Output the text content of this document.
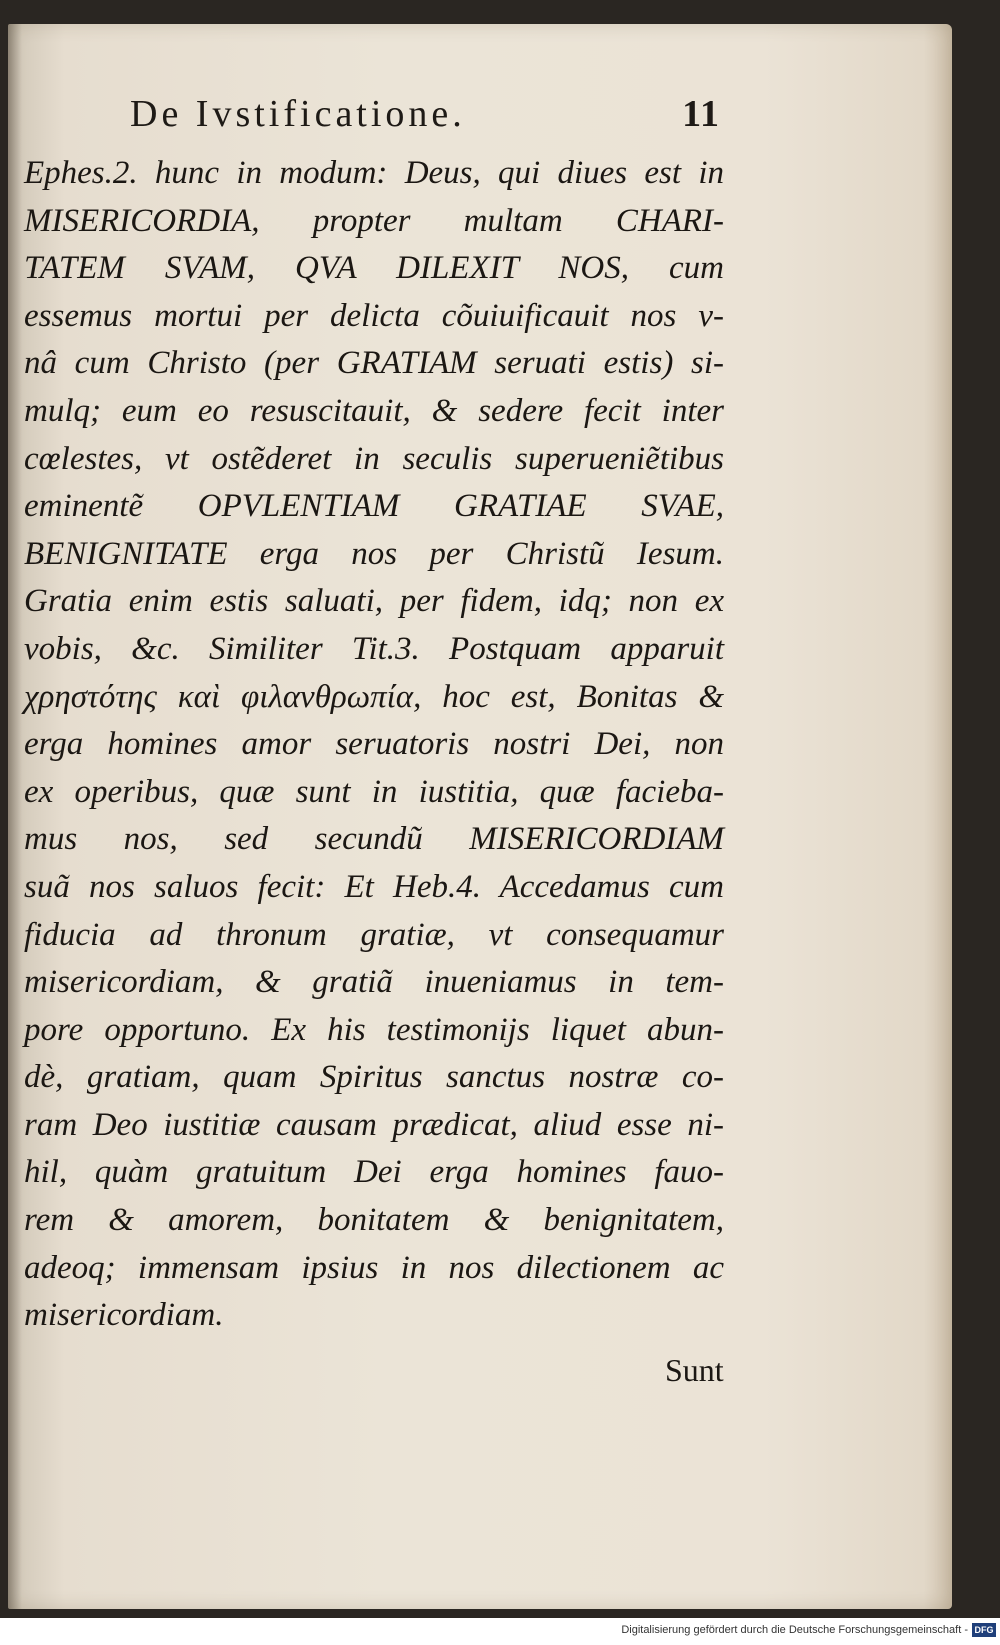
De Ivstificatione.	11
Ephes.2. hunc in modum: Deus, qui diues est in
MISERICORDIA, propter multam CHARI-
TATEM SVAM, QVA DILEXIT NOS, cum
essemus mortui per delicta cõuiuificauit nos v-
nâ cum Christo (per GRATIAM seruati estis) si-
mulq; eum eo resuscitauit, & sedere fecit inter
cœlestes, vt ostẽderet in seculis superueniẽtibus
eminentẽ OPVLENTIAM GRATIAE SVAE,
BENIGNITATE erga nos per Christũ Iesum.
Gratia enim estis saluati, per fidem, idq; non ex
vobis, &c. Similiter Tit.3. Postquam apparuit
χρηστότης καὶ φιλανθρωπία, hoc est, Bonitas &
erga homines amor seruatoris nostri Dei, non
ex operibus, quæ sunt in iustitia, quæ facieba-
mus nos, sed secundũ MISERICORDIAM
suã nos saluos fecit: Et Heb.4. Accedamus cum
fiducia ad thronum gratiæ, vt consequamur
misericordiam, & gratiã inueniamus in tem-
pore opportuno. Ex his testimonijs liquet abun-
dè, gratiam, quam Spiritus sanctus nostræ co-
ram Deo iustitiæ causam prædicat, aliud esse ni-
hil, quàm gratuitum Dei erga homines fauo-
rem & amorem, bonitatem & benignitatem,
adeoq; immensam ipsius in nos dilectionem ac
misericordiam.
Sunt
Digitalisierung gefördert durch die Deutsche Forschungsgemeinschaft - DFG
